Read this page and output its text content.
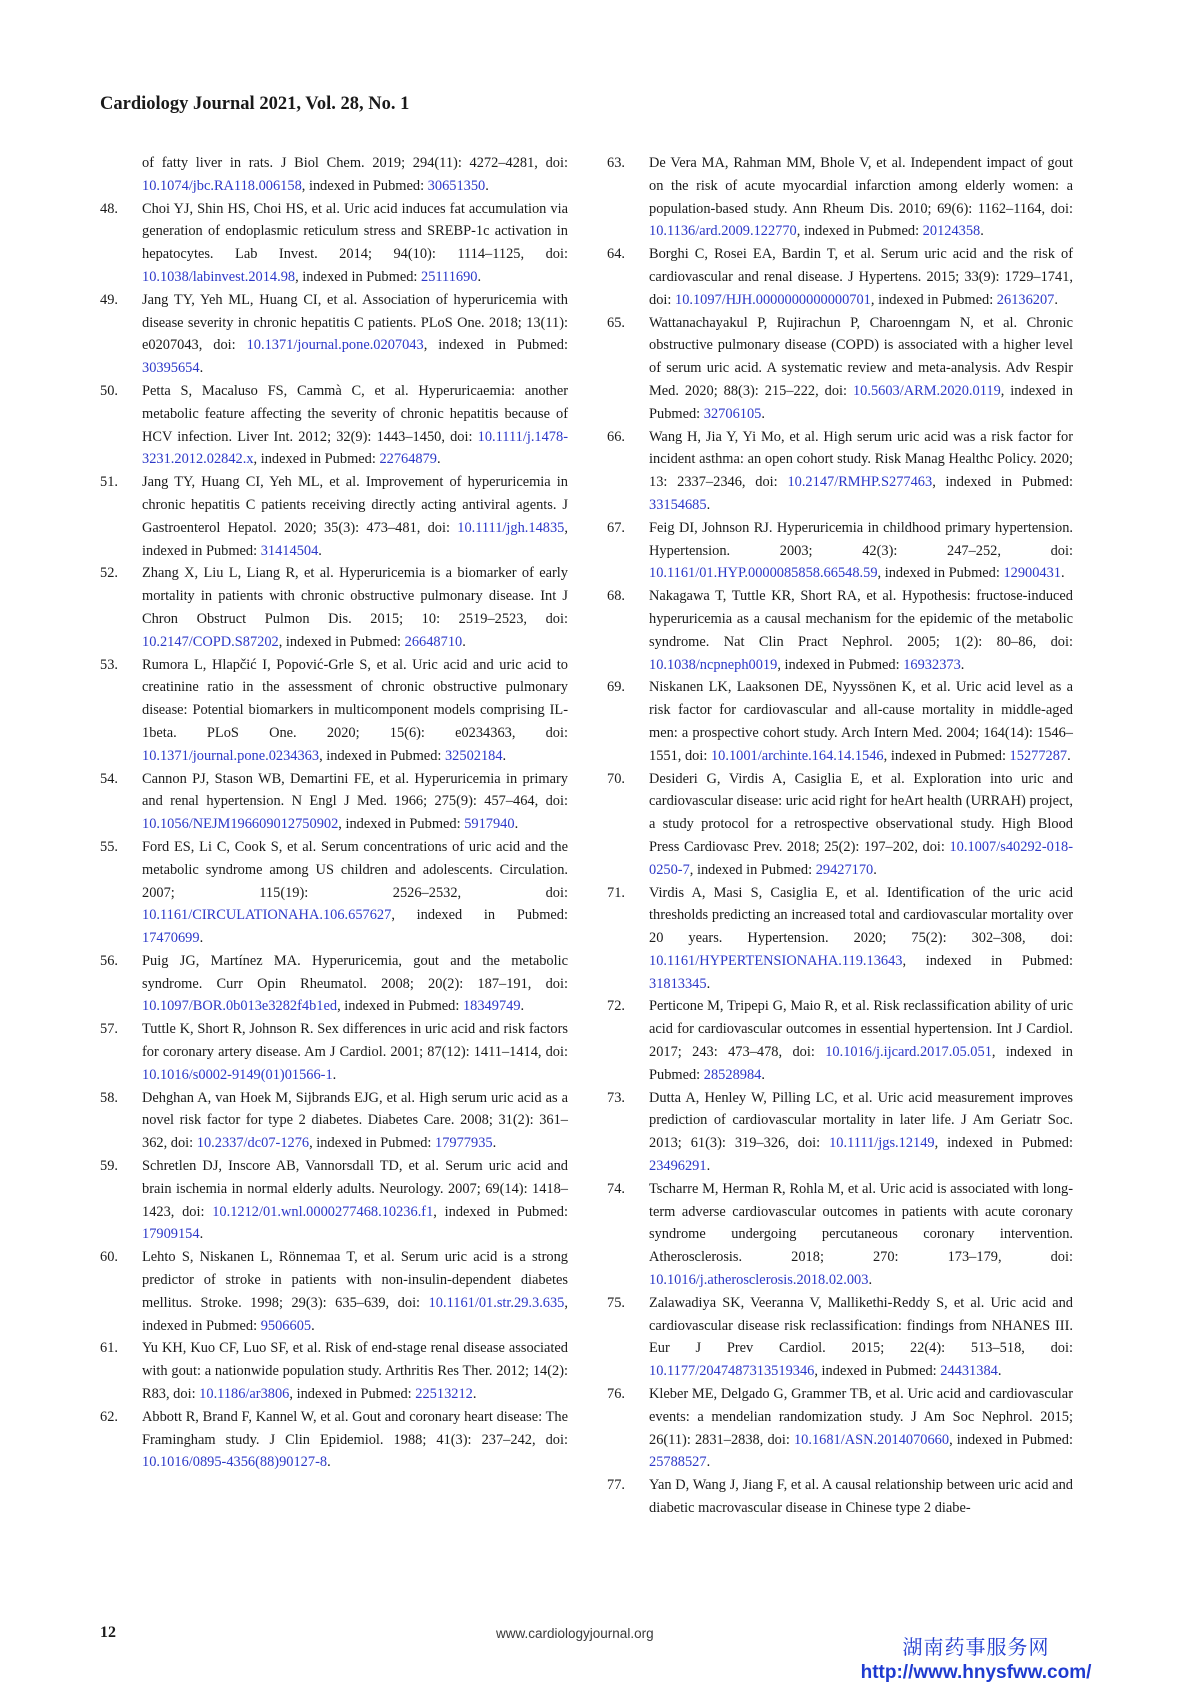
Cardiology Journal 2021, Vol. 28, No. 1
of fatty liver in rats. J Biol Chem. 2019; 294(11): 4272–4281, doi: 10.1074/jbc.RA118.006158, indexed in Pubmed: 30651350.
48. Choi YJ, Shin HS, Choi HS, et al. Uric acid induces fat accumulation via generation of endoplasmic reticulum stress and SREBP-1c activation in hepatocytes. Lab Invest. 2014; 94(10): 1114–1125, doi: 10.1038/labinvest.2014.98, indexed in Pubmed: 25111690.
49. Jang TY, Yeh ML, Huang CI, et al. Association of hyperuricemia with disease severity in chronic hepatitis C patients. PLoS One. 2018; 13(11): e0207043, doi: 10.1371/journal.pone.0207043, indexed in Pubmed: 30395654.
50. Petta S, Macaluso FS, Cammà C, et al. Hyperuricaemia: another metabolic feature affecting the severity of chronic hepatitis because of HCV infection. Liver Int. 2012; 32(9): 1443–1450, doi: 10.1111/j.1478-3231.2012.02842.x, indexed in Pubmed: 22764879.
51. Jang TY, Huang CI, Yeh ML, et al. Improvement of hyperuricemia in chronic hepatitis C patients receiving directly acting antiviral agents. J Gastroenterol Hepatol. 2020; 35(3): 473–481, doi: 10.1111/jgh.14835, indexed in Pubmed: 31414504.
52. Zhang X, Liu L, Liang R, et al. Hyperuricemia is a biomarker of early mortality in patients with chronic obstructive pulmonary disease. Int J Chron Obstruct Pulmon Dis. 2015; 10: 2519–2523, doi: 10.2147/COPD.S87202, indexed in Pubmed: 26648710.
53. Rumora L, Hlapčić I, Popović-Grle S, et al. Uric acid and uric acid to creatinine ratio in the assessment of chronic obstructive pulmonary disease: Potential biomarkers in multicomponent models comprising IL-1beta. PLoS One. 2020; 15(6): e0234363, doi: 10.1371/journal.pone.0234363, indexed in Pubmed: 32502184.
54. Cannon PJ, Stason WB, Demartini FE, et al. Hyperuricemia in primary and renal hypertension. N Engl J Med. 1966; 275(9): 457–464, doi: 10.1056/NEJM196609012750902, indexed in Pubmed: 5917940.
55. Ford ES, Li C, Cook S, et al. Serum concentrations of uric acid and the metabolic syndrome among US children and adolescents. Circulation. 2007; 115(19): 2526–2532, doi: 10.1161/CIRCULATIONAHA.106.657627, indexed in Pubmed: 17470699.
56. Puig JG, Martínez MA. Hyperuricemia, gout and the metabolic syndrome. Curr Opin Rheumatol. 2008; 20(2): 187–191, doi: 10.1097/BOR.0b013e3282f4b1ed, indexed in Pubmed: 18349749.
57. Tuttle K, Short R, Johnson R. Sex differences in uric acid and risk factors for coronary artery disease. Am J Cardiol. 2001; 87(12): 1411–1414, doi: 10.1016/s0002-9149(01)01566-1.
58. Dehghan A, van Hoek M, Sijbrands EJG, et al. High serum uric acid as a novel risk factor for type 2 diabetes. Diabetes Care. 2008; 31(2): 361–362, doi: 10.2337/dc07-1276, indexed in Pubmed: 17977935.
59. Schretlen DJ, Inscore AB, Vannorsdall TD, et al. Serum uric acid and brain ischemia in normal elderly adults. Neurology. 2007; 69(14): 1418–1423, doi: 10.1212/01.wnl.0000277468.10236.f1, indexed in Pubmed: 17909154.
60. Lehto S, Niskanen L, Rönnemaa T, et al. Serum uric acid is a strong predictor of stroke in patients with non-insulin-dependent diabetes mellitus. Stroke. 1998; 29(3): 635–639, doi: 10.1161/01.str.29.3.635, indexed in Pubmed: 9506605.
61. Yu KH, Kuo CF, Luo SF, et al. Risk of end-stage renal disease associated with gout: a nationwide population study. Arthritis Res Ther. 2012; 14(2): R83, doi: 10.1186/ar3806, indexed in Pubmed: 22513212.
62. Abbott R, Brand F, Kannel W, et al. Gout and coronary heart disease: The Framingham study. J Clin Epidemiol. 1988; 41(3): 237–242, doi: 10.1016/0895-4356(88)90127-8.
63. De Vera MA, Rahman MM, Bhole V, et al. Independent impact of gout on the risk of acute myocardial infarction among elderly women: a population-based study. Ann Rheum Dis. 2010; 69(6): 1162–1164, doi: 10.1136/ard.2009.122770, indexed in Pubmed: 20124358.
64. Borghi C, Rosei EA, Bardin T, et al. Serum uric acid and the risk of cardiovascular and renal disease. J Hypertens. 2015; 33(9): 1729–1741, doi: 10.1097/HJH.0000000000000701, indexed in Pubmed: 26136207.
65. Wattanachayakul P, Rujirachun P, Charoenngam N, et al. Chronic obstructive pulmonary disease (COPD) is associated with a higher level of serum uric acid. A systematic review and meta-analysis. Adv Respir Med. 2020; 88(3): 215–222, doi: 10.5603/ARM.2020.0119, indexed in Pubmed: 32706105.
66. Wang H, Jia Y, Yi Mo, et al. High serum uric acid was a risk factor for incident asthma: an open cohort study. Risk Manag Healthc Policy. 2020; 13: 2337–2346, doi: 10.2147/RMHP.S277463, indexed in Pubmed: 33154685.
67. Feig DI, Johnson RJ. Hyperuricemia in childhood primary hypertension. Hypertension. 2003; 42(3): 247–252, doi: 10.1161/01.HYP.0000085858.66548.59, indexed in Pubmed: 12900431.
68. Nakagawa T, Tuttle KR, Short RA, et al. Hypothesis: fructose-induced hyperuricemia as a causal mechanism for the epidemic of the metabolic syndrome. Nat Clin Pract Nephrol. 2005; 1(2): 80–86, doi: 10.1038/ncpneph0019, indexed in Pubmed: 16932373.
69. Niskanen LK, Laaksonen DE, Nyyssönen K, et al. Uric acid level as a risk factor for cardiovascular and all-cause mortality in middle-aged men: a prospective cohort study. Arch Intern Med. 2004; 164(14): 1546–1551, doi: 10.1001/archinte.164.14.1546, indexed in Pubmed: 15277287.
70. Desideri G, Virdis A, Casiglia E, et al. Exploration into uric and cardiovascular disease: uric acid right for heArt health (URRAH) project, a study protocol for a retrospective observational study. High Blood Press Cardiovasc Prev. 2018; 25(2): 197–202, doi: 10.1007/s40292-018-0250-7, indexed in Pubmed: 29427170.
71. Virdis A, Masi S, Casiglia E, et al. Identification of the uric acid thresholds predicting an increased total and cardiovascular mortality over 20 years. Hypertension. 2020; 75(2): 302–308, doi: 10.1161/HYPERTENSIONAHA.119.13643, indexed in Pubmed: 31813345.
72. Perticone M, Tripepi G, Maio R, et al. Risk reclassification ability of uric acid for cardiovascular outcomes in essential hypertension. Int J Cardiol. 2017; 243: 473–478, doi: 10.1016/j.ijcard.2017.05.051, indexed in Pubmed: 28528984.
73. Dutta A, Henley W, Pilling LC, et al. Uric acid measurement improves prediction of cardiovascular mortality in later life. J Am Geriatr Soc. 2013; 61(3): 319–326, doi: 10.1111/jgs.12149, indexed in Pubmed: 23496291.
74. Tscharre M, Herman R, Rohla M, et al. Uric acid is associated with long-term adverse cardiovascular outcomes in patients with acute coronary syndrome undergoing percutaneous coronary intervention. Atherosclerosis. 2018; 270: 173–179, doi: 10.1016/j.atherosclerosis.2018.02.003.
75. Zalawadiya SK, Veeranna V, Mallikethi-Reddy S, et al. Uric acid and cardiovascular disease risk reclassification: findings from NHANES III. Eur J Prev Cardiol. 2015; 22(4): 513–518, doi: 10.1177/2047487313519346, indexed in Pubmed: 24431384.
76. Kleber ME, Delgado G, Grammer TB, et al. Uric acid and cardiovascular events: a mendelian randomization study. J Am Soc Nephrol. 2015; 26(11): 2831–2838, doi: 10.1681/ASN.2014070660, indexed in Pubmed: 25788527.
77. Yan D, Wang J, Jiang F, et al. A causal relationship between uric acid and diabetic macrovascular disease in Chinese type 2 diabe-
12	www.cardiologyjournal.org
湖南药事服务网
http://www.hnysfww.com/
